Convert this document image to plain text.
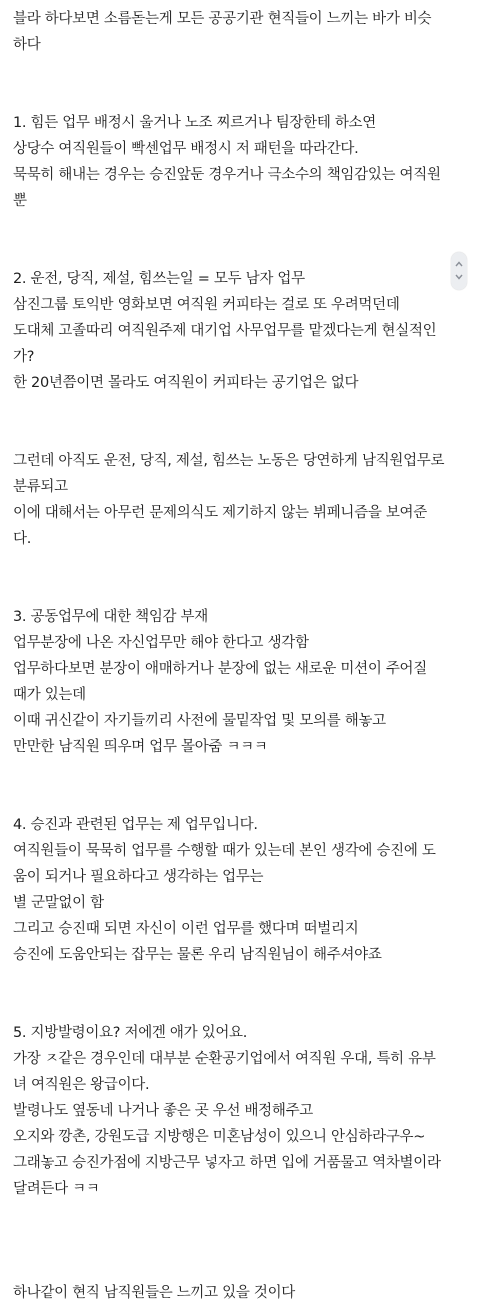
블라 하다보면 소름돋는게 모든 공공기관 현직들이 느끼는 바가 비슷
하다
1. 힘든 업무 배정시 울거나 노조 찌르거나 팀장한테 하소연
상당수 여직원들이 빡센업무 배정시 저 패턴을 따라간다.
묵묵히 해내는 경우는 승진앞둔 경우거나 극소수의 책임감있는 여직원
뿐
2. 운전, 당직, 제설, 힘쓰는일 = 모두 남자 업무
삼진그룹 토익반 영화보면 여직원 커피타는 걸로 또 우려먹던데
도대체 고졸따리 여직원주제 대기업 사무업무를 맡겠다는게 현실적인
가?
한 20년쯤이면 몰라도 여직원이 커피타는 공기업은 없다
그런데 아직도 운전, 당직, 제설, 힘쓰는 노동은 당연하게 남직원업무로
분류되고
이에 대해서는 아무런 문제의식도 제기하지 않는 뷔페니즘을 보여준
다.
3. 공동업무에 대한 책임감 부재
업무분장에 나온 자신업무만 해야 한다고 생각함
업무하다보면 분장이 애매하거나 분장에 없는 새로운 미션이 주어질
때가 있는데
이때 귀신같이 자기들끼리 사전에 물밑작업 및 모의를 해놓고
만만한 남직원 띄우며 업무 몰아줌 ㅋㅋㅋ
4. 승진과 관련된 업무는 제 업무입니다.
여직원들이 묵묵히 업무를 수행할 때가 있는데 본인 생각에 승진에 도
움이 되거나 필요하다고 생각하는 업무는
별 군말없이 함
그리고 승진때 되면 자신이 이런 업무를 했다며 떠벌리지
승진에 도움안되는 잡무는 물론 우리 남직원님이 해주셔야죠
5. 지방발령이요? 저에겐 애가 있어요.
가장 ㅈ같은 경우인데 대부분 순환공기업에서 여직원 우대, 특히 유부
녀 여직원은 왕급이다.
발령나도 옆동네 나거나 좋은 곳 우선 배정해주고
오지와 깡촌, 강원도급 지방행은 미혼남성이 있으니 안심하라구우~
그래놓고 승진가점에 지방근무 넣자고 하면 입에 거품물고 역차별이라
달려든다 ㅋㅋ
하나같이 현직 남직원들은 느끼고 있을 것이다
